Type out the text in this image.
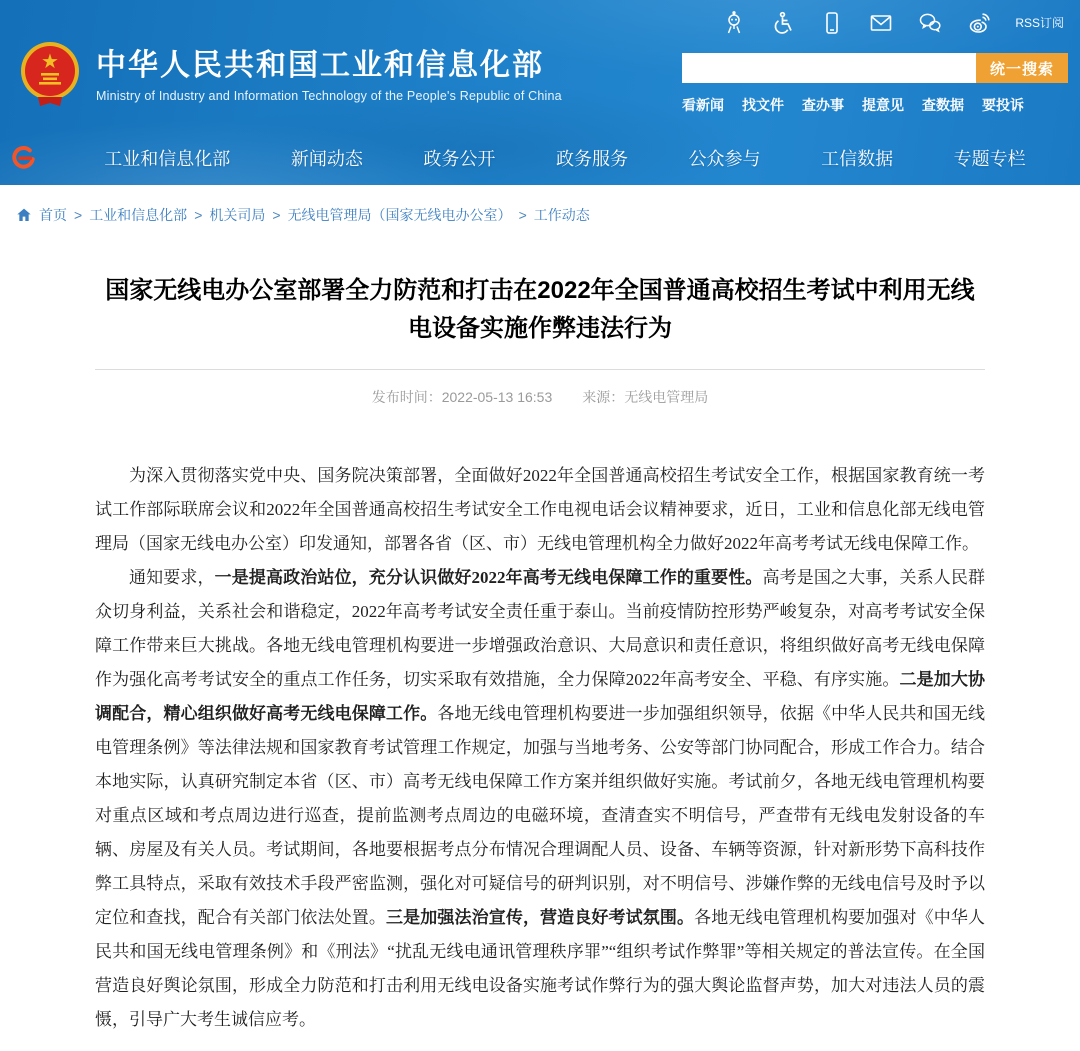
RSS订阅
★ 中华人民共和国工业和信息化部
Ministry of Industry and Information Technology of the People's Republic of China
统一搜索
看新闻 找文件 查办事 提意见 查数据 要投诉
工业和信息化部	新闻动态	政务公开	政务服务	公众参与	工信数据	专题专栏
首页 > 工业和信息化部 > 机关司局 > 无线电管理局（国家无线电办公室） > 工作动态
国家无线电办公室部署全力防范和打击在2022年全国普通高校招生考试中利用无线电设备实施作弊违法行为
发布时间：2022-05-13 16:53 来源：无线电管理局

为深入贯彻落实党中央、国务院决策部署，全面做好2022年全国普通高校招生考试安全工作，根据国家教育统一考试工作部际联席会议和2022年全国普通高校招生考试安全工作电视电话会议精神要求，近日，工业和信息化部无线电管理局（国家无线电办公室）印发通知，部署各省（区、市）无线电管理机构全力做好2022年高考考试无线电保障工作。

通知要求，一是提高政治站位，充分认识做好2022年高考无线电保障工作的重要性。高考是国之大事，关系人民群众切身利益，关系社会和谐稳定，2022年高考考试安全责任重于泰山。当前疫情防控形势严峻复杂，对高考考试安全保障工作带来巨大挑战。各地无线电管理机构要进一步增强政治意识、大局意识和责任意识，将组织做好高考无线电保障作为强化高考考试安全的重点工作任务，切实采取有效措施，全力保障2022年高考安全、平稳、有序实施。二是加大协调配合，精心组织做好高考无线电保障工作。各地无线电管理机构要进一步加强组织领导，依据《中华人民共和国无线电管理条例》等法律法规和国家教育考试管理工作规定，加强与当地考务、公安等部门协同配合，形成工作合力。结合本地实际，认真研究制定本省（区、市）高考无线电保障工作方案并组织做好实施。考试前夕，各地无线电管理机构要对重点区域和考点周边进行巡查，提前监测考点周边的电磁环境，查清查实不明信号，严查带有无线电发射设备的车辆、房屋及有关人员。考试期间，各地要根据考点分布情况合理调配人员、设备、车辆等资源，针对新形势下高科技作弊工具特点，采取有效技术手段严密监测，强化对可疑信号的研判识别，对不明信号、涉嫌作弊的无线电信号及时予以定位和查找，配合有关部门依法处置。三是加强法治宣传，营造良好考试氛围。各地无线电管理机构要加强对《中华人民共和国无线电管理条例》和《刑法》“扰乱无线电通讯管理秩序罪”“组织考试作弊罪”等相关规定的普法宣传。在全国营造良好舆论氛围，形成全力防范和打击利用无线电设备实施考试作弊行为的强大舆论监督声势，加大对违法人员的震慑，引导广大考生诚信应考。
